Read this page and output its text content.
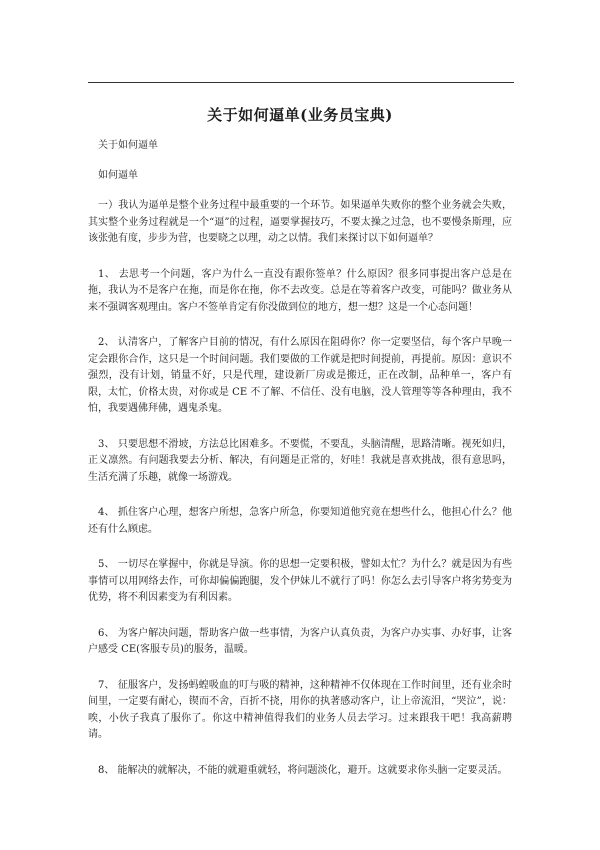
关于如何逼单(业务员宝典)

关于如何逼单

如何逼单

一）我认为逼单是整个业务过程中最重要的一个环节。如果逼单失败你的整个业务就会失败，其实整个业务过程就是一个“逼”的过程，逼要掌握技巧，不要太操之过急，也不要慢条斯理，应该张弛有度，步步为营，也要晓之以理，动之以情。我们来探讨以下如何逼单？

1、 去思考一个问题，客户为什么一直没有跟你签单？什么原因？很多同事提出客户总是在拖，我认为不是客户在拖，而是你在拖，你不去改变。总是在等着客户改变，可能吗？做业务从来不强调客观理由。客户不签单肯定有你没做到位的地方，想一想？这是一个心态问题！

2、 认清客户，了解客户目前的情况，有什么原因在阻碍你？你一定要坚信，每个客户早晚一定会跟你合作，这只是一个时间问题。我们要做的工作就是把时间提前，再提前。原因：意识不强烈，没有计划，销量不好，只是代理，建设新厂房或是搬迁，正在改制，品种单一，客户有限，太忙，价格太贵，对你或是 CE 不了解、不信任、没有电脑，没人管理等等各种理由，我不怕，我要遇佛拜佛，遇鬼杀鬼。

3、 只要思想不滑坡，方法总比困难多。不要慌，不要乱，头脑清醒，思路清晰。视死如归，正义凛然。有问题我要去分析、解决，有问题是正常的，好哇！我就是喜欢挑战，很有意思吗，生活充满了乐趣，就像一场游戏。

4、 抓住客户心理，想客户所想，急客户所急，你要知道他究竟在想些什么，他担心什么？他还有什么顾虑。

5、 一切尽在掌握中，你就是导演。你的思想一定要积极，譬如太忙？为什么？就是因为有些事情可以用网络去作，可你却偏偏跑腿，发个伊妹儿不就行了吗！你怎么去引导客户将劣势变为优势，将不利因素变为有利因素。

6、 为客户解决问题，帮助客户做一些事情，为客户认真负责，为客户办实事、办好事，让客户感受 CE(客服专员)的服务，温暖。

7、 征服客户，发扬蚂蝗吸血的叮与吸的精神，这种精神不仅体现在工作时间里，还有业余时间里，一定要有耐心，锲而不舍，百折不挠，用你的执著感动客户，让上帝流泪，“哭泣”，说：唉，小伙子我真了服你了。你这中精神值得我们的业务人员去学习。过来跟我干吧！我高薪聘请。

8、 能解决的就解决，不能的就避重就轻，将问题淡化，避开。这就要求你头脑一定要灵活。
